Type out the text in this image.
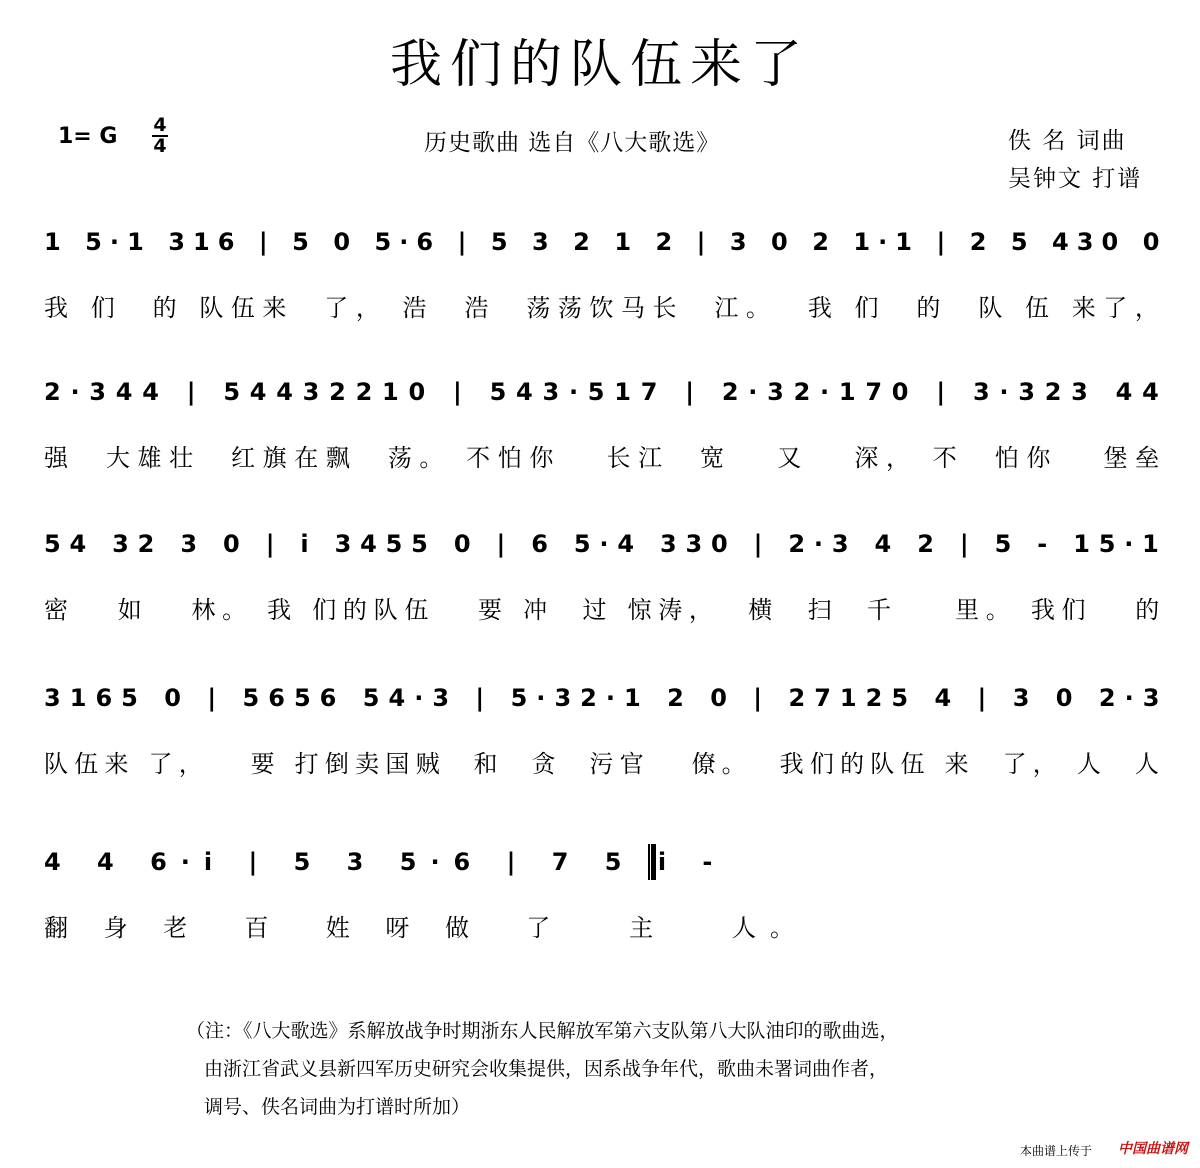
我们的队伍来了
1= G 4
4	历史歌曲 选自《八大歌选》	佚 名 词曲
吴钟文 打谱

1 5·1 316 | 5 0 5·6 | 5 3 2 1 2 | 3 0 2 1·1 | 2 5 430 0

我 们  的 队伍来  了， 浩  浩  荡荡饮马长  江。  我 们  的  队 伍 来了，

2·344 | 54432210 | 543·517 | 2·32·170 | 3·323 44

强  大雄壮  红旗在飘  荡。 不怕你   长江  宽   又   深， 不  怕你   堡垒

54 32 3 0 | i 3455 0 | 6 5·4 330 | 2·3 4 2 | 5 - 15·1

密   如   林。 我 们的队伍   要 冲  过 惊涛，  横  扫  千    里。 我们   的

3165 0 | 5656 54·3 | 5·32·1 2 0 | 27125 4 | 3 0 2·3

队伍来 了，   要 打倒卖国贼  和  贪  污官   僚。  我们的队伍 来  了， 人  人

4 4 6·i | 5 3 5·6 | 7 5 i -

翻 身 老  百  姓 呀 做  了   主   人。

（注：《八大歌选》系解放战争时期浙东人民解放军第六支队第八大队油印的歌曲选，

由浙江省武义县新四军历史研究会收集提供，因系战争年代，歌曲未署词曲作者，

调号、佚名词曲为打谱时所加）

本曲谱上传于 中国曲谱网
